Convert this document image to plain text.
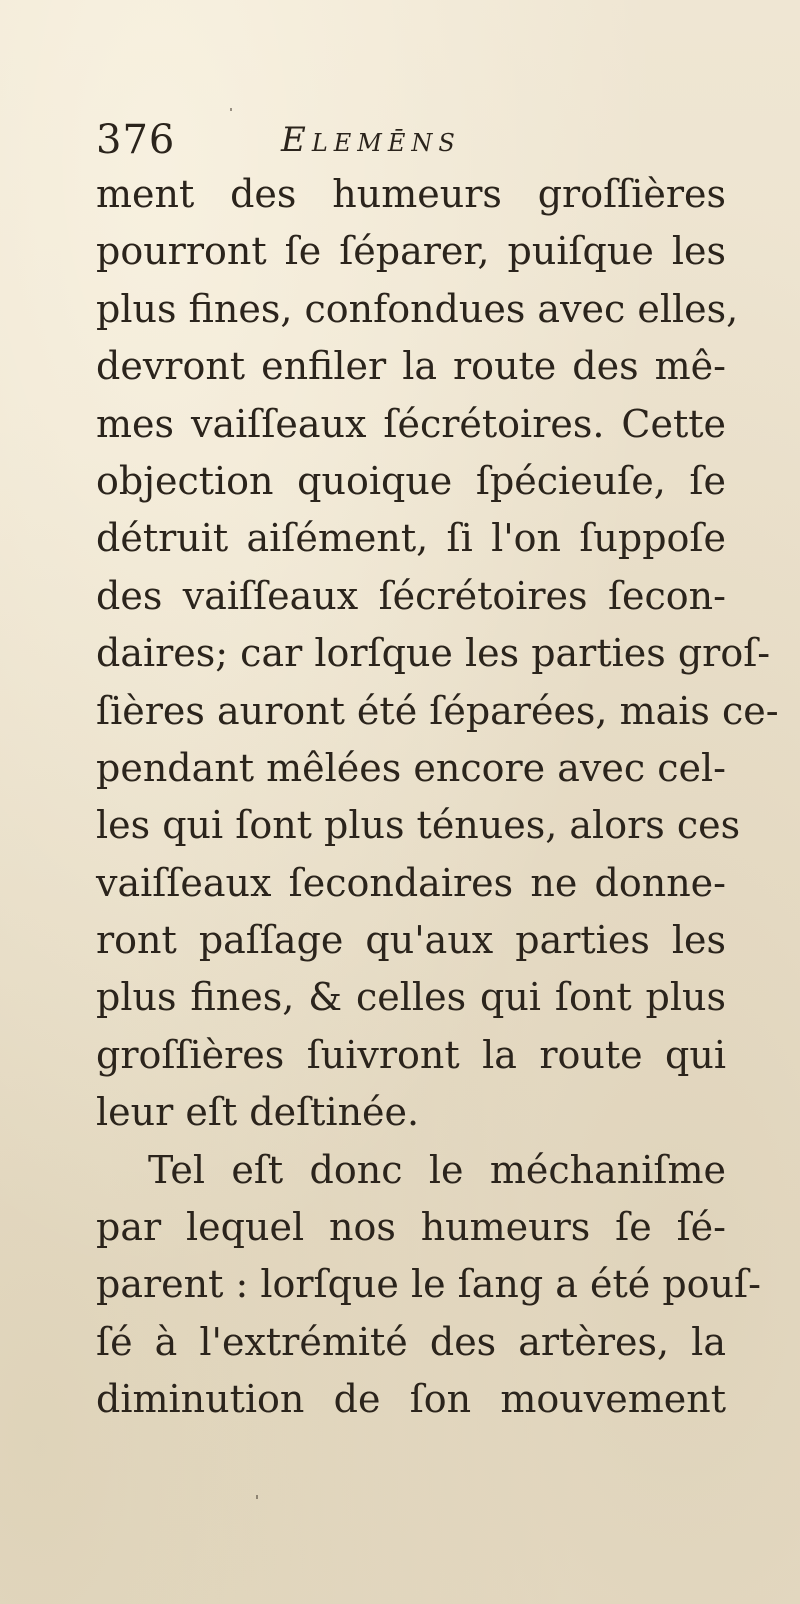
376	Elemēns
ment des humeurs groſſières
pourront ſe ſéparer, puiſque les
plus fines, confondues avec elles,
devront enfiler la route des mê-
mes vaiſſeaux ſécrétoires. Cette
objection quoique ſpécieuſe, ſe
détruit aiſément, ſi l'on ſuppoſe
des vaiſſeaux ſécrétoires ſecon-
daires; car lorſque les parties groſ-
ſières auront été ſéparées, mais ce-
pendant mêlées encore avec cel-
les qui ſont plus ténues, alors ces
vaiſſeaux ſecondaires ne donne-
ront paſſage qu'aux parties les
plus fines, & celles qui ſont plus
groſſières ſuivront la route qui
leur eſt deſtinée.
Tel eſt donc le méchaniſme
par lequel nos humeurs ſe ſé-
parent : lorſque le ſang a été pouſ-
ſé à l'extrémité des artères, la
diminution de ſon mouvement
